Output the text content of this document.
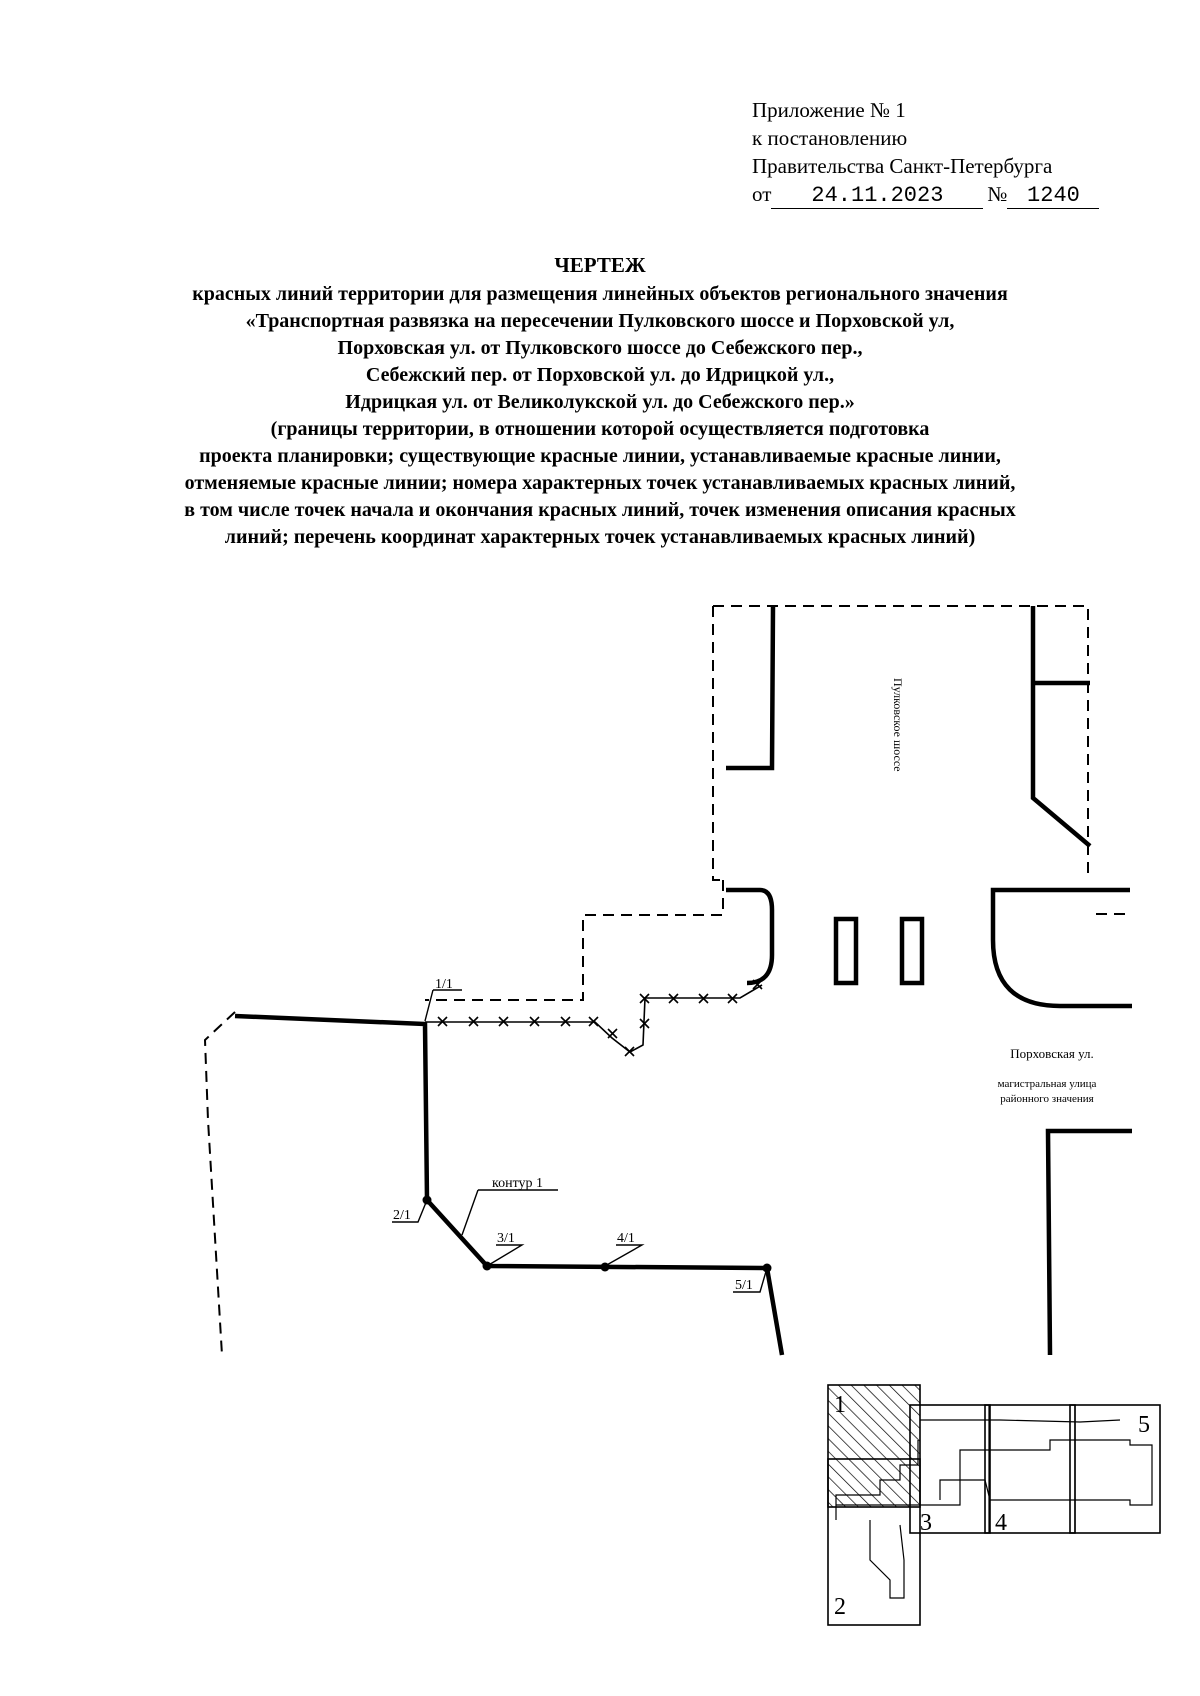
Приложение № 1
к постановлению
Правительства Санкт-Петербурга
от 24.11.2023 № 1240
ЧЕРТЕЖ
красных линий территории для размещения линейных объектов регионального значения
«Транспортная развязка на пересечении Пулковского шоссе и Порховской ул,
Порховская ул. от Пулковского шоссе до Себежского пер.,
Себежский пер. от Порховской ул. до Идрицкой ул.,
Идрицкая ул. от Великолукской ул. до Себежского пер.»
(границы территории, в отношении которой осуществляется подготовка
проекта планировки; существующие красные линии, устанавливаемые красные линии,
отменяемые красные линии; номера характерных точек устанавливаемых красных линий,
в том числе точек начала и окончания красных линий, точек изменения описания красных
линий; перечень координат характерных точек устанавливаемых красных линий)
1/1
2/1
3/1	4/1
5/1
контур 1
Пулковское шоссе
Порховская ул.
магистральная улица
районного значения
1
2
3	4
5
